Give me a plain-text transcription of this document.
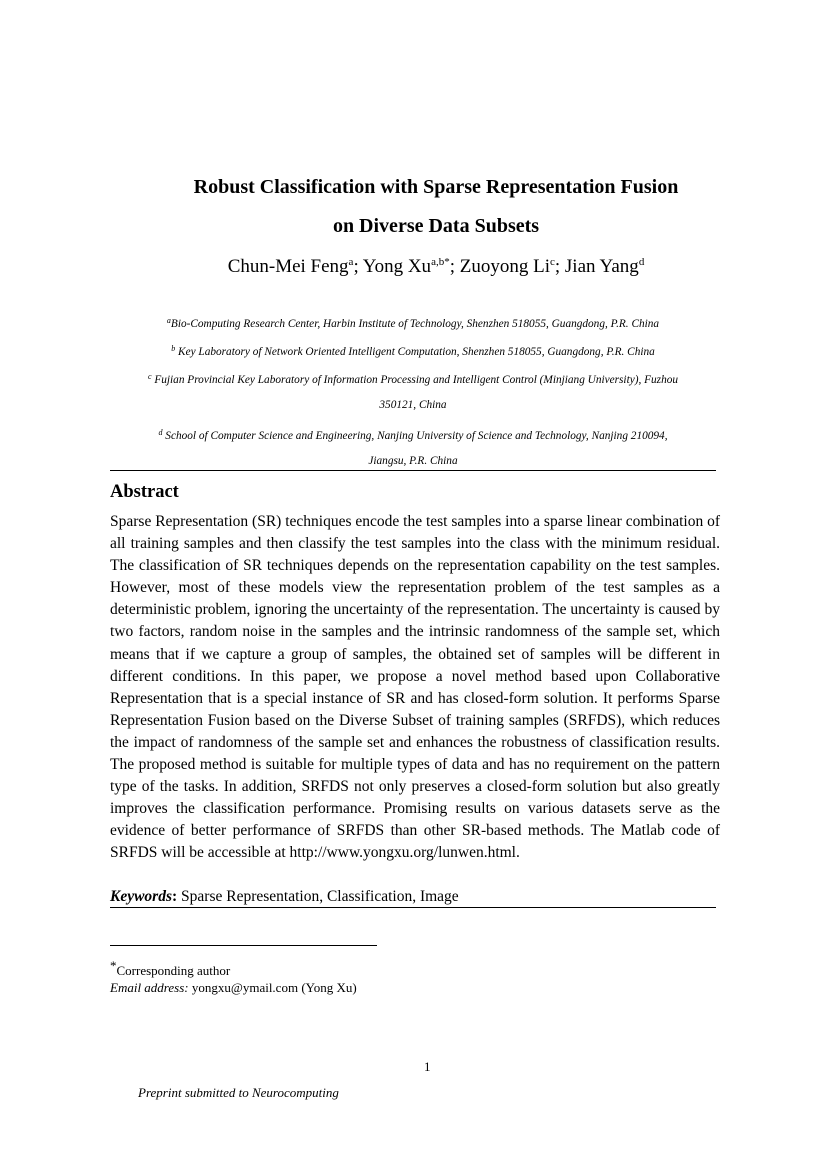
Robust Classification with Sparse Representation Fusion
on Diverse Data Subsets
Chun-Mei Feng$^a$; Yong $Xu^{a,b*}$; Zuoyong Li$^c$; Jian Yang$^d$
$^a$Bio-Computing Research Center, Harbin Institute of Technology, Shenzhen 518055, Guangdong, P.R. China
$^b$ Key Laboratory of Network Oriented Intelligent Computation, Shenzhen 518055, Guangdong, P.R. China
$^c$ Fujian Provincial Key Laboratory of Information Processing and Intelligent Control (Minjiang University), Fuzhou
350121, China
$^d$ School of Computer Science and Engineering, Nanjing University of Science and Technology, Nanjing 210094,
Jiangsu, P.R. China
Abstract
Sparse Representation (SR) techniques encode the test samples into a sparse linear combination of all training samples and then classify the test samples into the class with the minimum residual. The classification of SR techniques depends on the representation capability on the test samples. However, most of these models view the representation problem of the test samples as a deterministic problem, ignoring the uncertainty of the representation. The uncertainty is caused by two factors, random noise in the samples and the intrinsic randomness of the sample set, which means that if we capture a group of samples, the obtained set of samples will be different in different conditions. In this paper, we propose a novel method based upon Collaborative Representation that is a special instance of SR and has closed-form solution. It performs Sparse Representation Fusion based on the Diverse Subset of training samples (SRFDS), which reduces the impact of randomness of the sample set and enhances the robustness of classification results. The proposed method is suitable for multiple types of data and has no requirement on the pattern type of the tasks. In addition, SRFDS not only preserves a closed-form solution but also greatly improves the classification performance. Promising results on various datasets serve as the evidence of better performance of SRFDS than other SR-based methods. The Matlab code of SRFDS will be accessible at http://www.yongxu.org/lunwen.html.
Keywords: Sparse Representation, Classification, Image
*Corresponding author
Email address: yongxu@ymail.com (Yong Xu)
1
Preprint submitted to Neurocomputing
